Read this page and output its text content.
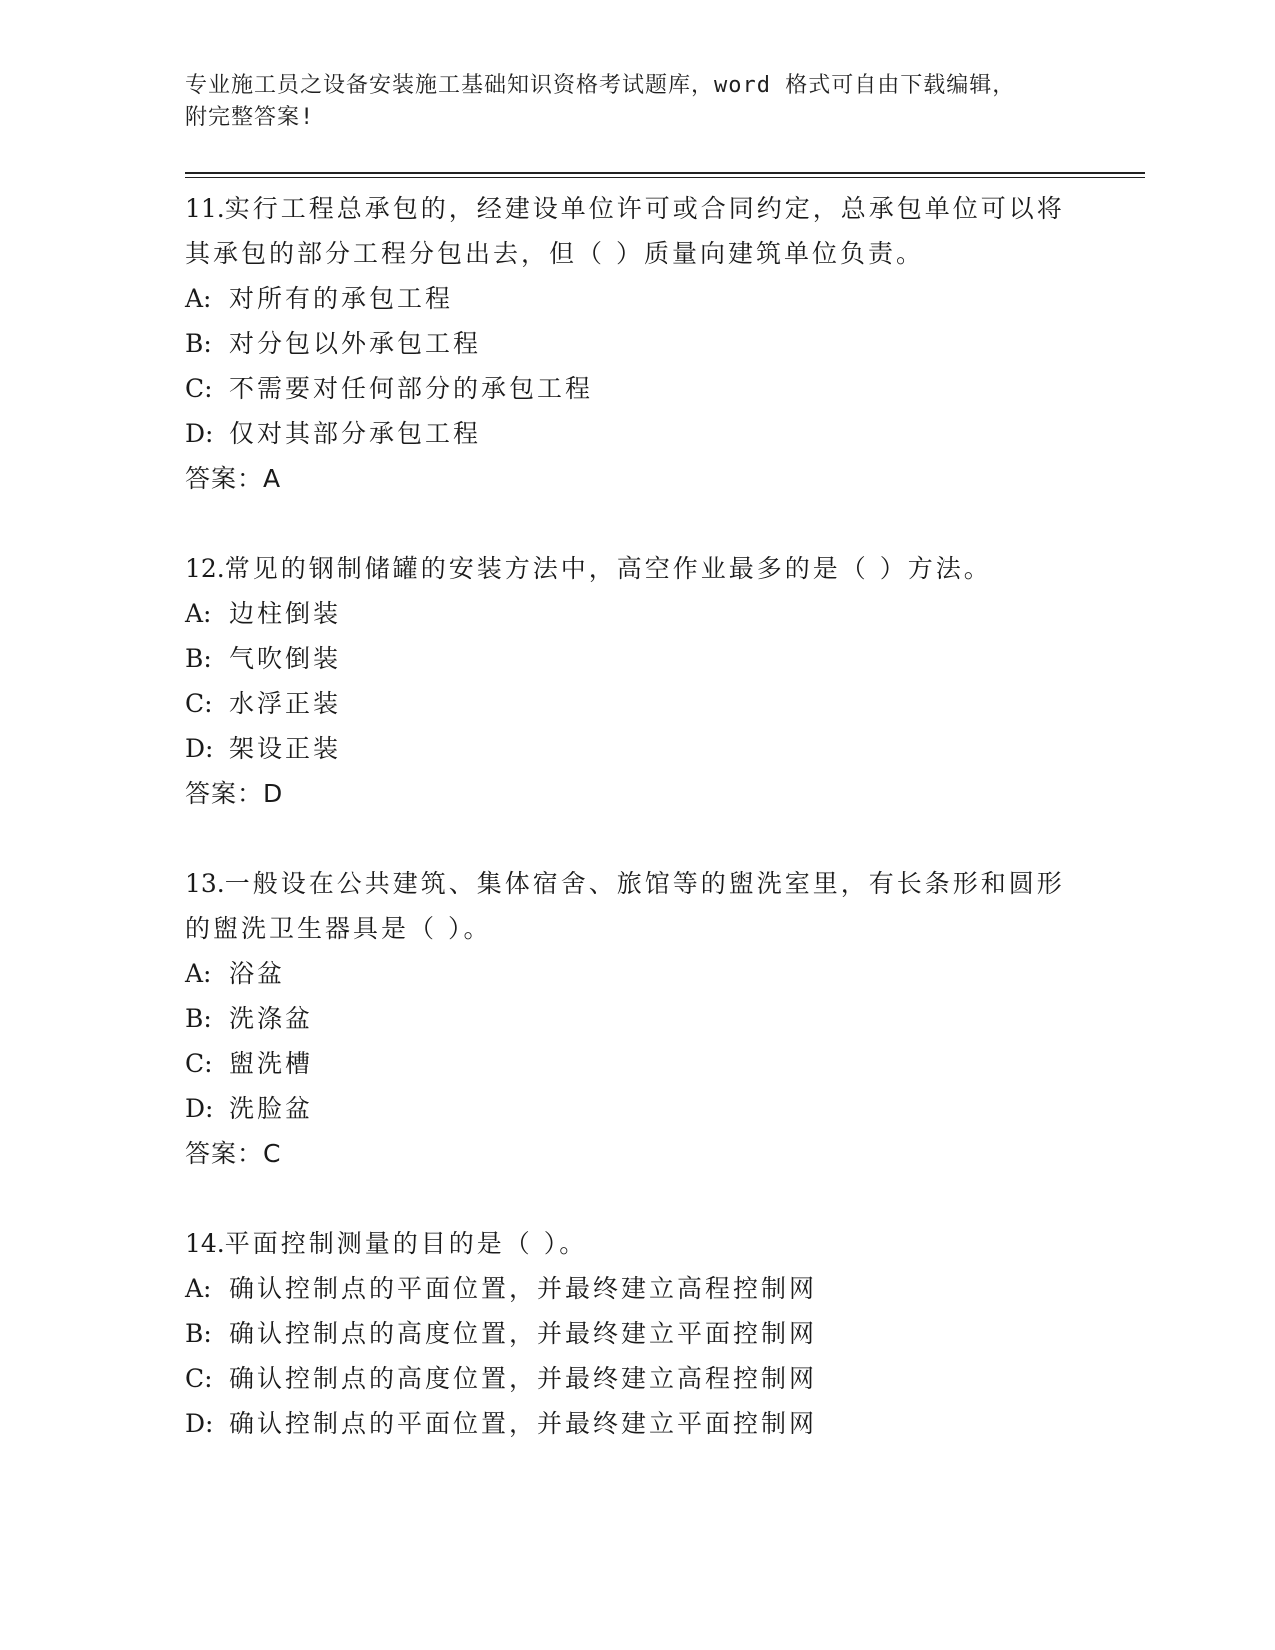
专业施工员之设备安装施工基础知识资格考试题库，word 格式可自由下载编辑，
附完整答案!
11.实行工程总承包的，经建设单位许可或合同约定，总承包单位可以将其承包的部分工程分包出去，但（ ）质量向建筑单位负责。
A: 对所有的承包工程
B: 对分包以外承包工程
C: 不需要对任何部分的承包工程
D: 仅对其部分承包工程
答案：A
12.常见的钢制储罐的安装方法中，高空作业最多的是（ ）方法。
A: 边柱倒装
B: 气吹倒装
C: 水浮正装
D: 架设正装
答案：D
13.一般设在公共建筑、集体宿舍、旅馆等的盥洗室里，有长条形和圆形的盥洗卫生器具是（ ）。
A: 浴盆
B: 洗涤盆
C: 盥洗槽
D: 洗脸盆
答案：C
14.平面控制测量的目的是（ ）。
A: 确认控制点的平面位置，并最终建立高程控制网
B: 确认控制点的高度位置，并最终建立平面控制网
C: 确认控制点的高度位置，并最终建立高程控制网
D: 确认控制点的平面位置，并最终建立平面控制网
